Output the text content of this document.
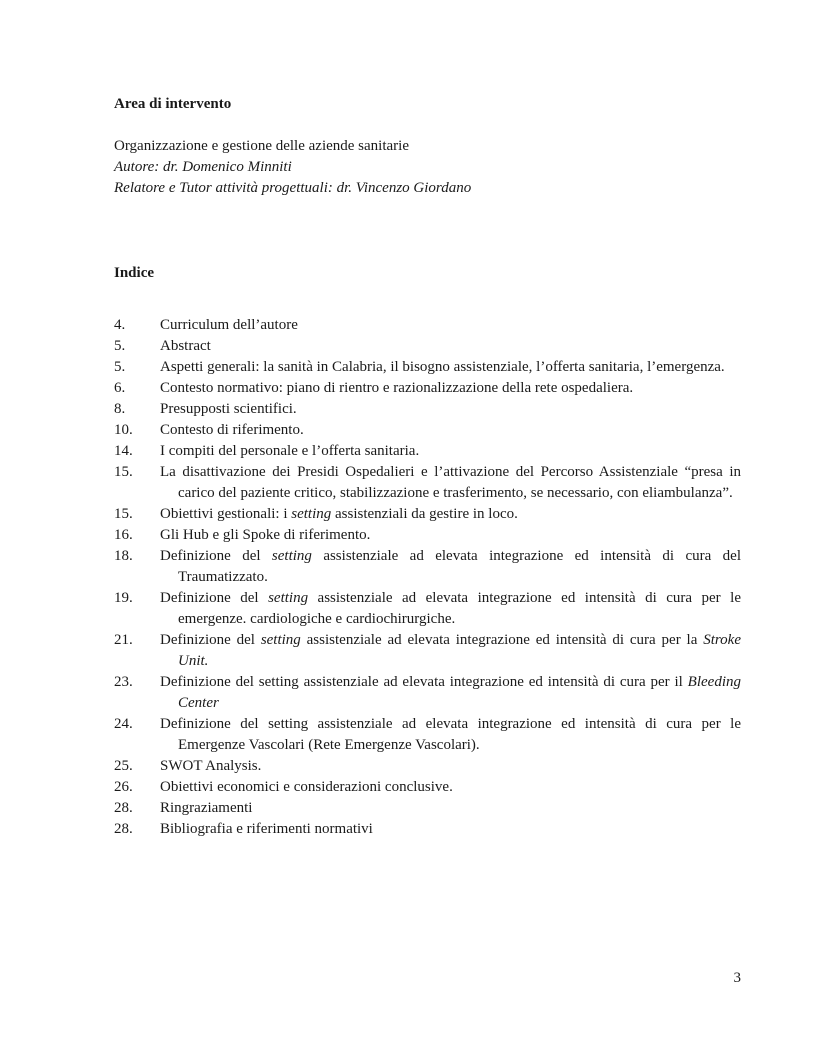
Area di intervento

Organizzazione e gestione delle aziende sanitarie

Autore: dr. Domenico Minniti

Relatore e Tutor attività progettuali: dr. Vincenzo Giordano

Indice

4.	Curriculum dell’autore
5.	Abstract
5.	Aspetti generali: la sanità in Calabria, il bisogno assistenziale, l’offerta sanitaria, l’emergenza.
6.	Contesto normativo: piano di rientro e razionalizzazione della rete ospedaliera.
8.	Presupposti scientifici.
10.	Contesto di riferimento.
14.	I compiti del personale e l’offerta sanitaria.
15.	La disattivazione dei Presidi Ospedalieri e l’attivazione del Percorso Assistenziale “presa in carico del paziente critico, stabilizzazione e trasferimento, se necessario, con eliambulanza”.
15.	Obiettivi gestionali: i setting assistenziali da gestire in loco.
16.	Gli Hub e gli Spoke di riferimento.
18.	Definizione del setting assistenziale ad elevata integrazione ed intensità di cura del Traumatizzato.
19.	Definizione del setting assistenziale ad elevata integrazione ed intensità di cura per le emergenze. cardiologiche e cardiochirurgiche.
21.	Definizione del setting assistenziale ad elevata integrazione ed intensità di cura per la Stroke Unit.
23.	Definizione del setting assistenziale ad elevata integrazione ed intensità di cura per il Bleeding Center
24.	Definizione del setting assistenziale ad elevata integrazione ed intensità di cura per le Emergenze Vascolari (Rete Emergenze Vascolari).
25.	SWOT Analysis.
26.	Obiettivi economici e considerazioni conclusive.
28.	Ringraziamenti
28.	Bibliografia e riferimenti normativi
3
